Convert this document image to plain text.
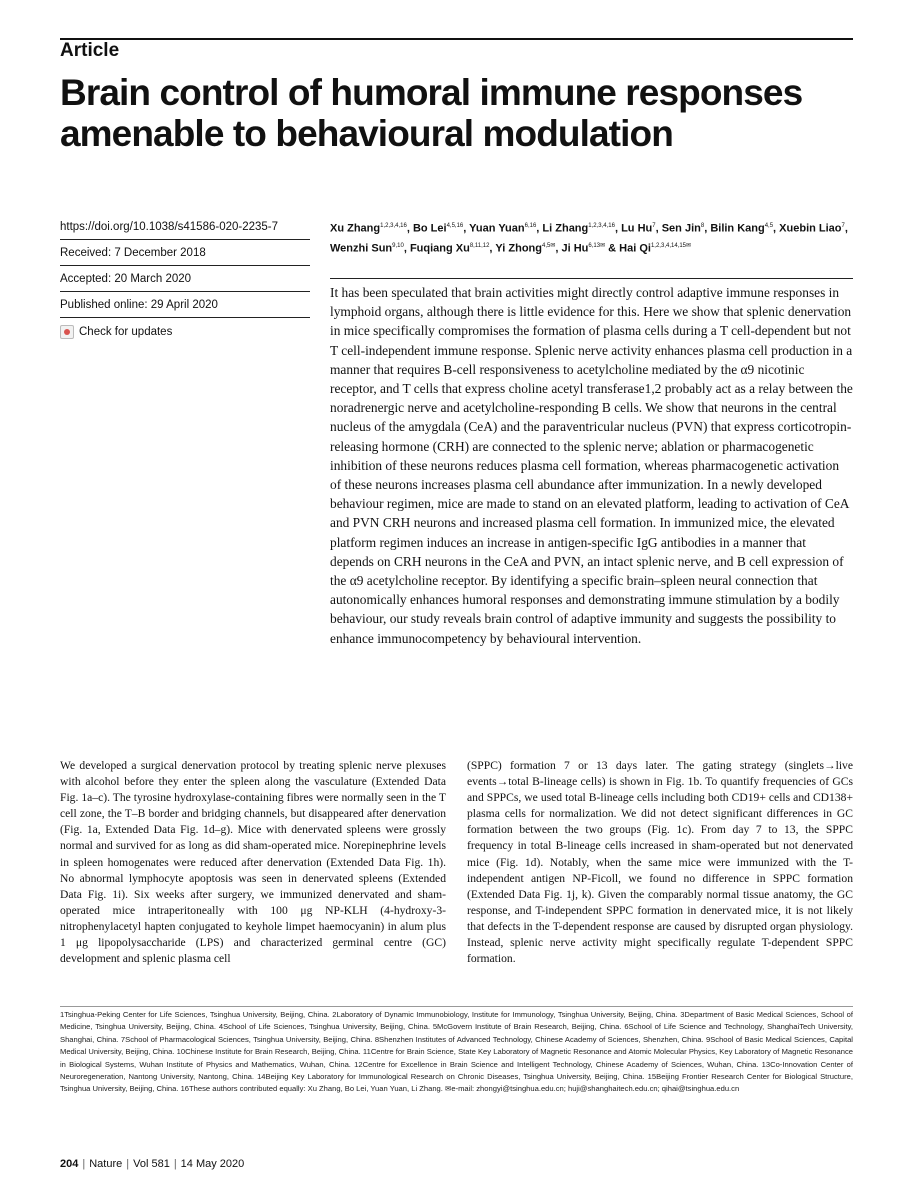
Article
Brain control of humoral immune responses amenable to behavioural modulation
https://doi.org/10.1038/s41586-020-2235-7
Received: 7 December 2018
Accepted: 20 March 2020
Published online: 29 April 2020
Check for updates
Xu Zhang$^{1,2,3,4,16}$, Bo Lei$^{4,5,16}$, Yuan Yuan$^{6,16}$, Li Zhang$^{1,2,3,4,16}$, Lu Hu$^7$, Sen Jin$^8$, Bilin Kang$^{4,5}$, Xuebin Liao$^7$, Wenzhi Sun$^{9,10}$, Fuqiang Xu$^{8,11,12}$, Yi Zhong$^{4,5✉}$, Ji $Hu^{6,13✉}$ & Hai $Qi^{1,2,3,4,14,15✉}$

It has been speculated that brain activities might directly control adaptive immune responses in lymphoid organs, although there is little evidence for this. Here we show that splenic denervation in mice specifically compromises the formation of plasma cells during a T cell-dependent but not T cell-independent immune response. Splenic nerve activity enhances plasma cell production in a manner that requires B-cell responsiveness to acetylcholine mediated by the α9 nicotinic receptor, and T cells that express choline acetyl transferase1,2 probably act as a relay between the noradrenergic nerve and acetylcholine-responding B cells. We show that neurons in the central nucleus of the amygdala (CeA) and the paraventricular nucleus (PVN) that express corticotropin-releasing hormone (CRH) are connected to the splenic nerve; ablation or pharmacogenetic inhibition of these neurons reduces plasma cell formation, whereas pharmacogenetic activation of these neurons increases plasma cell abundance after immunization. In a newly developed behaviour regimen, mice are made to stand on an elevated platform, leading to activation of CeA and PVN CRH neurons and increased plasma cell formation. In immunized mice, the elevated platform regimen induces an increase in antigen-specific IgG antibodies in a manner that depends on CRH neurons in the CeA and PVN, an intact splenic nerve, and B cell expression of the α9 acetylcholine receptor. By identifying a specific brain–spleen neural connection that autonomically enhances humoral responses and demonstrating immune stimulation by a bodily behaviour, our study reveals brain control of adaptive immunity and suggests the possibility to enhance immunocompetency by behavioural intervention.

We developed a surgical denervation protocol by treating splenic nerve plexuses with alcohol before they enter the spleen along the vasculature (Extended Data Fig. 1a–c). The tyrosine hydroxylase-containing fibres were normally seen in the T cell zone, the T–B border and bridging channels, but disappeared after denervation (Fig. 1a, Extended Data Fig. 1d–g). Mice with denervated spleens were grossly normal and survived for as long as did sham-operated mice. Norepinephrine levels in spleen homogenates were reduced after denervation (Extended Data Fig. 1h). No abnormal lymphocyte apoptosis was seen in denervated spleens (Extended Data Fig. 1i). Six weeks after surgery, we immunized denervated and sham-operated mice intraperitoneally with 100 μg NP-KLH (4-hydroxy-3-nitrophenylacetyl hapten conjugated to keyhole limpet haemocyanin) in alum plus 1 μg lipopolysaccharide (LPS) and characterized germinal centre (GC) development and splenic plasma cell

(SPPC) formation 7 or 13 days later. The gating strategy (singlets→live events→total B-lineage cells) is shown in Fig. 1b. To quantify frequencies of GCs and SPPCs, we used total B-lineage cells including both CD19+ cells and CD138+ plasma cells for normalization. We did not detect significant differences in GC formation between the two groups (Fig. 1c). From day 7 to 13, the SPPC frequency in total B-lineage cells increased in sham-operated but not denervated mice (Fig. 1d). Notably, when the same mice were immunized with the T-independent antigen NP-Ficoll, we found no difference in SPPC formation (Extended Data Fig. 1j, k). Given the comparably normal tissue anatomy, the GC response, and T-independent SPPC formation in denervated mice, it is not likely that defects in the T-dependent response are caused by disrupted organ physiology. Instead, splenic nerve activity might specifically regulate T-dependent SPPC formation.

1Tsinghua-Peking Center for Life Sciences, Tsinghua University, Beijing, China. 2Laboratory of Dynamic Immunobiology, Institute for Immunology, Tsinghua University, Beijing, China. 3Department of Basic Medical Sciences, School of Medicine, Tsinghua University, Beijing, China. 4School of Life Sciences, Tsinghua University, Beijing, China. 5McGovern Institute of Brain Research, Beijing, China. 6School of Life Science and Technology, ShanghaiTech University, Shanghai, China. 7School of Pharmacological Sciences, Tsinghua University, Beijing, China. 8Shenzhen Institutes of Advanced Technology, Chinese Academy of Sciences, Shenzhen, China. 9School of Basic Medical Sciences, Capital Medical University, Beijing, China. 10Chinese Institute for Brain Research, Beijing, China. 11Centre for Brain Science, State Key Laboratory of Magnetic Resonance and Atomic Molecular Physics, Key Laboratory of Magnetic Resonance in Biological Systems, Wuhan Institute of Physics and Mathematics, Wuhan, China. 12Centre for Excellence in Brain Science and Intelligent Technology, Chinese Academy of Sciences, Wuhan, China. 13Co-Innovation Center of Neuroregeneration, Nantong University, Nantong, China. 14Beijing Key Laboratory for Immunological Research on Chronic Diseases, Tsinghua University, Beijing, China. 15Beijing Frontier Research Center for Biological Structure, Tsinghua University, Beijing, China. 16These authors contributed equally: Xu Zhang, Bo Lei, Yuan Yuan, Li Zhang. ✉e-mail: zhongyi@tsinghua.edu.cn; huji@shanghaitech.edu.cn; qihai@tsinghua.edu.cn

204 | Nature | Vol 581 | 14 May 2020
